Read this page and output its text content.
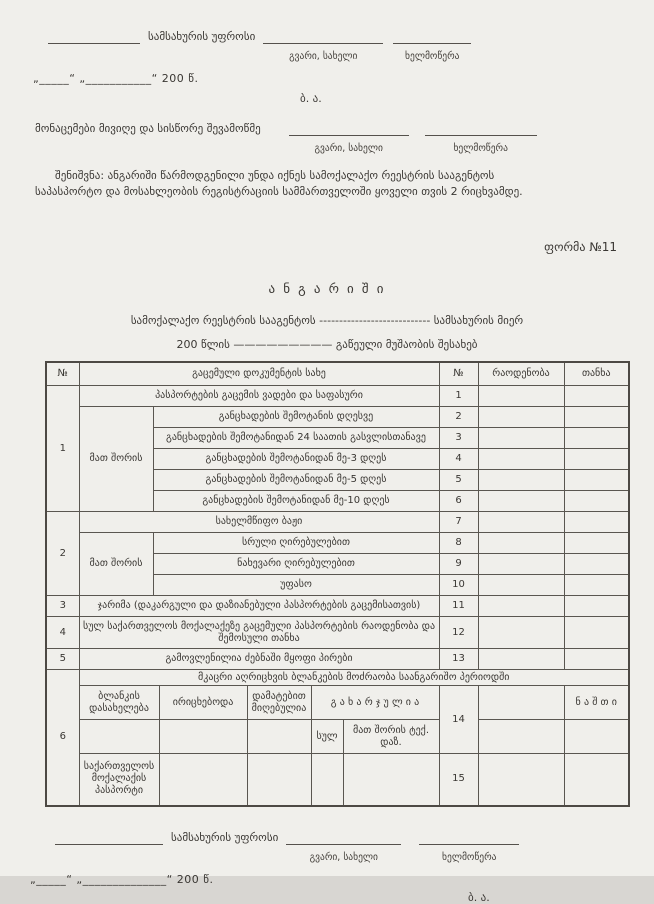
სამსახურის უფროსი
გვარი, სახელი	ხელმოწერა
„_____“ „___________“ 200 წ.
ბ. ა.
მონაცემები მივიღე და სისწორე შევამოწმე
გვარი, სახელი	ხელმოწერა
შენიშვნა: ანგარიში წარმოდგენილი უნდა იქნეს სამოქალაქო რეესტრის სააგენტოს
საპასპორტო და მოსახლეობის რეგისტრაციის სამმართველოში ყოველი თვის 2 რიცხვამდე.
ფორმა №11
ა ნ გ ა რ ი შ ი
სამოქალაქო რეესტრის სააგენტოს ---------------------------- სამსახურის მიერ
200 წლის ————————— გაწეული მუშაობის შესახებ
№	გაცემული დოკუმენტის სახე						№	რაოდენობა	თანხა
1	პასპორტების გაცემის ვადები და საფასური						1		
	მათ შორის	განცხადების შემოტანის დღესვე					2		
		განცხადების შემოტანიდან 24 საათის გასვლისთანავე					3		
		განცხადების შემოტანიდან მე-3 დღეს					4		
		განცხადების შემოტანიდან მე-5 დღეს					5		
		განცხადების შემოტანიდან მე-10 დღეს					6		
2	სახელმწიფო ბაჟი						7		
	მათ შორის	სრული ღირებულებით					8		
		ნახევარი ღირებულებით					9		
		უფასო					10		
3	ჯარიმა (დაკარგული და დაზიანებული პასპორტების გაცემისათვის)						11		
4	სულ საქართველოს მოქალაქეზე გაცემული პასპორტების რაოდენობა და შემოსული თანხა						12		
5	გამოვლენილია ძებნაში მყოფი პირები						13		
6	მკაცრი აღრიცხვის ბლანკების მოძრაობა საანგარიშო პერიოდში								
	ბლანკის დასახელება		ირიცხებოდა	დამატებით მიღებულია	გ ა ხ ა რ ჯ უ ლ ი ა		14		ნ ა შ თ ი
					სულ	მათ შორის ტექ. დაზ.			
	საქართველოს მოქალაქის პასპორტი						15		
სამსახურის უფროსი
გვარი, სახელი	ხელმოწერა
„_____“ „______________“ 200 წ.
ბ. ა.
